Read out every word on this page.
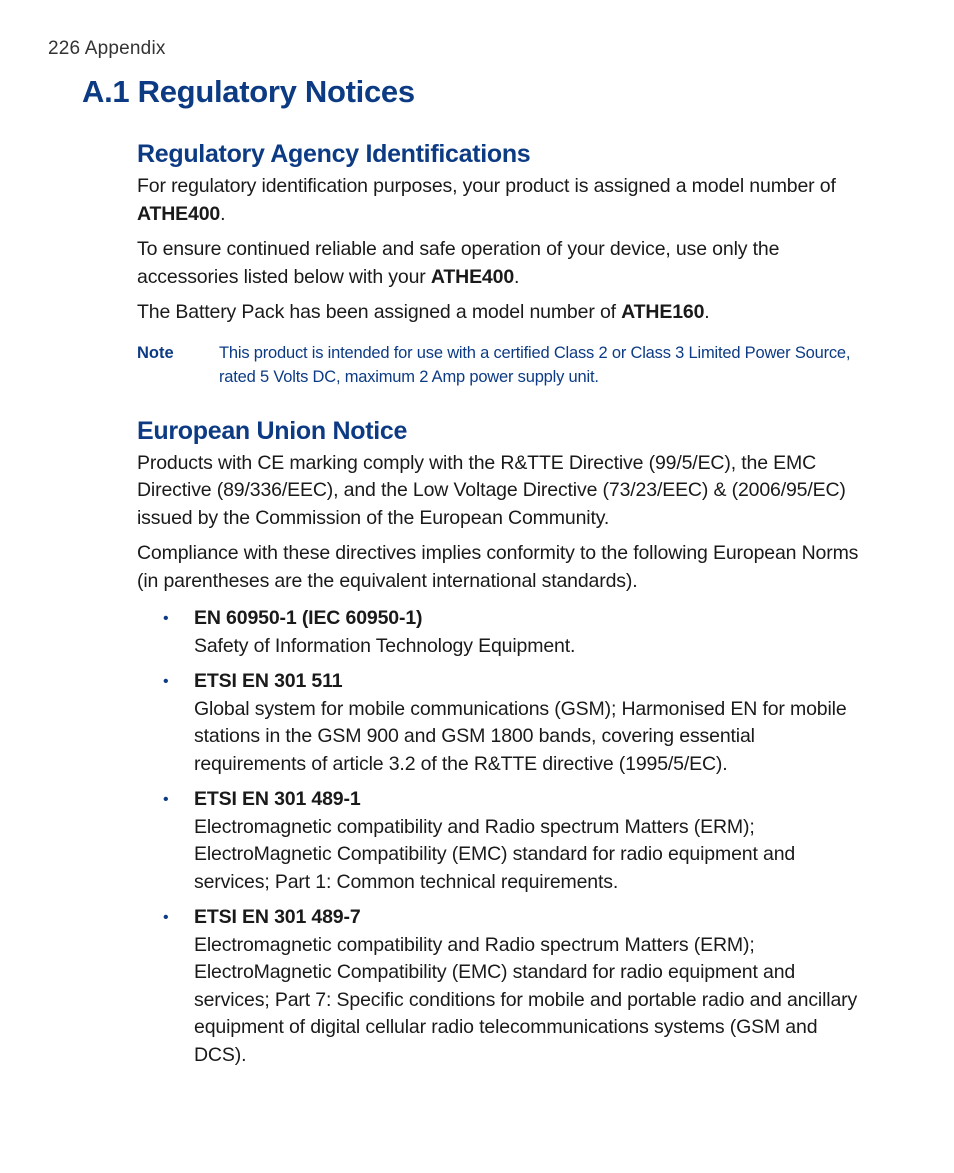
226 Appendix
A.1 Regulatory Notices
Regulatory Agency Identifications

For regulatory identification purposes, your product is assigned a model number of ATHE400.

To ensure continued reliable and safe operation of your device, use only the accessories listed below with your ATHE400.

The Battery Pack has been assigned a model number of ATHE160.

Note	This product is intended for use with a certified Class 2 or Class 3 Limited Power Source, rated 5 Volts DC, maximum 2 Amp power supply unit.
European Union Notice

Products with CE marking comply with the R&TTE Directive (99/5/EC), the EMC Directive (89/336/EEC), and the Low Voltage Directive (73/23/EEC) & (2006/95/EC) issued by the Commission of the European Community.

Compliance with these directives implies conformity to the following European Norms (in parentheses are the equivalent international standards).

• EN 60950-1 (IEC 60950-1)
Safety of Information Technology Equipment.
• ETSI EN 301 511
Global system for mobile communications (GSM); Harmonised EN for mobile stations in the GSM 900 and GSM 1800 bands, covering essential requirements of article 3.2 of the R&TTE directive (1995/5/EC).
• ETSI EN 301 489-1
Electromagnetic compatibility and Radio spectrum Matters (ERM); ElectroMagnetic Compatibility (EMC) standard for radio equipment and services; Part 1: Common technical requirements.
• ETSI EN 301 489-7
Electromagnetic compatibility and Radio spectrum Matters (ERM); ElectroMagnetic Compatibility (EMC) standard for radio equipment and services; Part 7: Specific conditions for mobile and portable radio and ancillary equipment of digital cellular radio telecommunications systems (GSM and DCS).
